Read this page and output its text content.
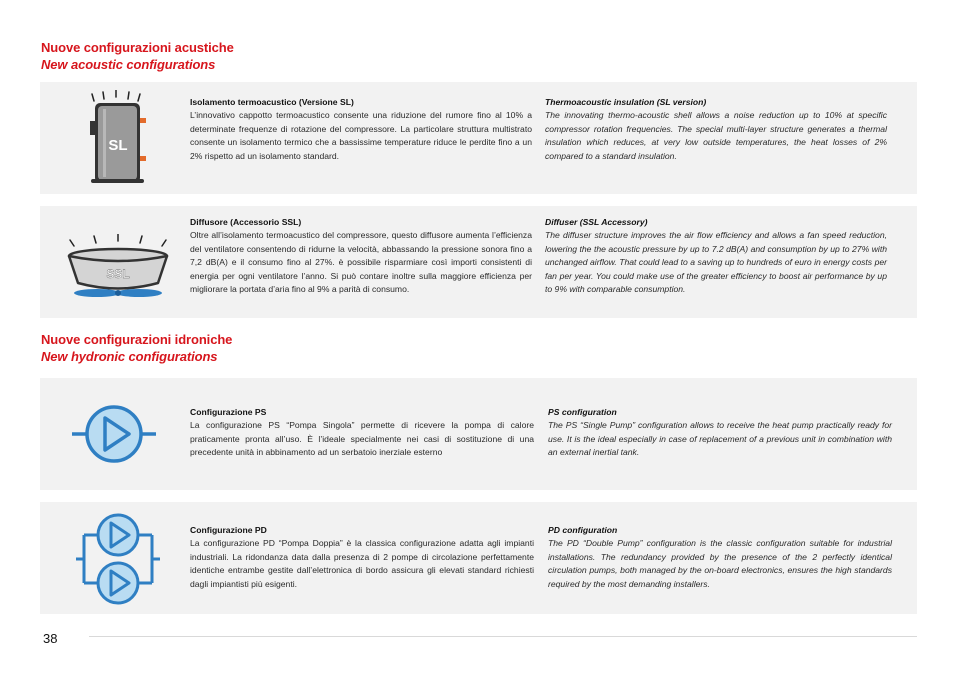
Nuove configurazioni acustiche
New acoustic configurations
SL
Isolamento termoacustico (Versione SL)
L’innovativo cappotto termoacustico consente una riduzione del rumore fino al 10% a determinate frequenze di rotazione del compressore. La particolare struttura multistrato consente un isolamento termico che a bassissime temperature riduce le perdite fino a un 2% rispetto ad un isolamento standard.
Thermoacoustic insulation (SL version)
The innovating thermo-acoustic shell allows a noise reduction up to 10% at specific compressor rotation frequencies. The special multi-layer structure generates a thermal insulation which reduces, at very low outside temperatures, the heat losses of 2% compared to a standard insulation.
SSL
Diffusore (Accessorio SSL)
Oltre all’isolamento termoacustico del compressore, questo diffusore aumenta l’efficienza del ventilatore consentendo di ridurne la velocità, abbassando la pressione sonora fino a 7,2 dB(A) e il consumo fino al 27%. è possibile risparmiare così importi consistenti di energia per ogni ventilatore l’anno. Si può contare inoltre sulla maggiore efficienza per migliorare la portata d’aria fino al 9% a parità di consumo.
Diffuser (SSL Accessory)
The diffuser structure improves the air flow efficiency and allows a fan speed reduction, lowering the the acoustic pressure by up to 7.2 dB(A) and consumption by up to 27% with unchanged airflow. That could lead to a saving up to hundreds of euro in energy costs per fan per year. You could make use of the greater efficiency to boost air performance by up to 9% with comparable consumption.
Nuove configurazioni idroniche
New hydronic configurations
Configurazione PS
La configurazione PS “Pompa Singola” permette di ricevere la pompa di calore praticamente pronta all’uso. È l’ideale specialmente nei casi di sostituzione di una precedente unità in abbinamento ad un serbatoio inerziale esterno
PS configuration
The PS “Single Pump” configuration allows to receive the heat pump practically ready for use. It is the ideal especially in case of replacement of a previous unit in combination with an external inertial tank.
Configurazione PD
La configurazione PD “Pompa Doppia” è la classica configurazione adatta agli impianti industriali. La ridondanza data dalla presenza di 2 pompe di circolazione perfettamente identiche entrambe gestite dall’elettronica di bordo assicura gli elevati standard richiesti dagli impiantisti più esigenti.
PD configuration
The PD “Double Pump” configuration is the classic configuration suitable for industrial installations. The redundancy provided by the presence of the 2 perfectly identical circulation pumps, both managed by the on-board electronics, ensures the high standards required by the most demanding installers.
38
